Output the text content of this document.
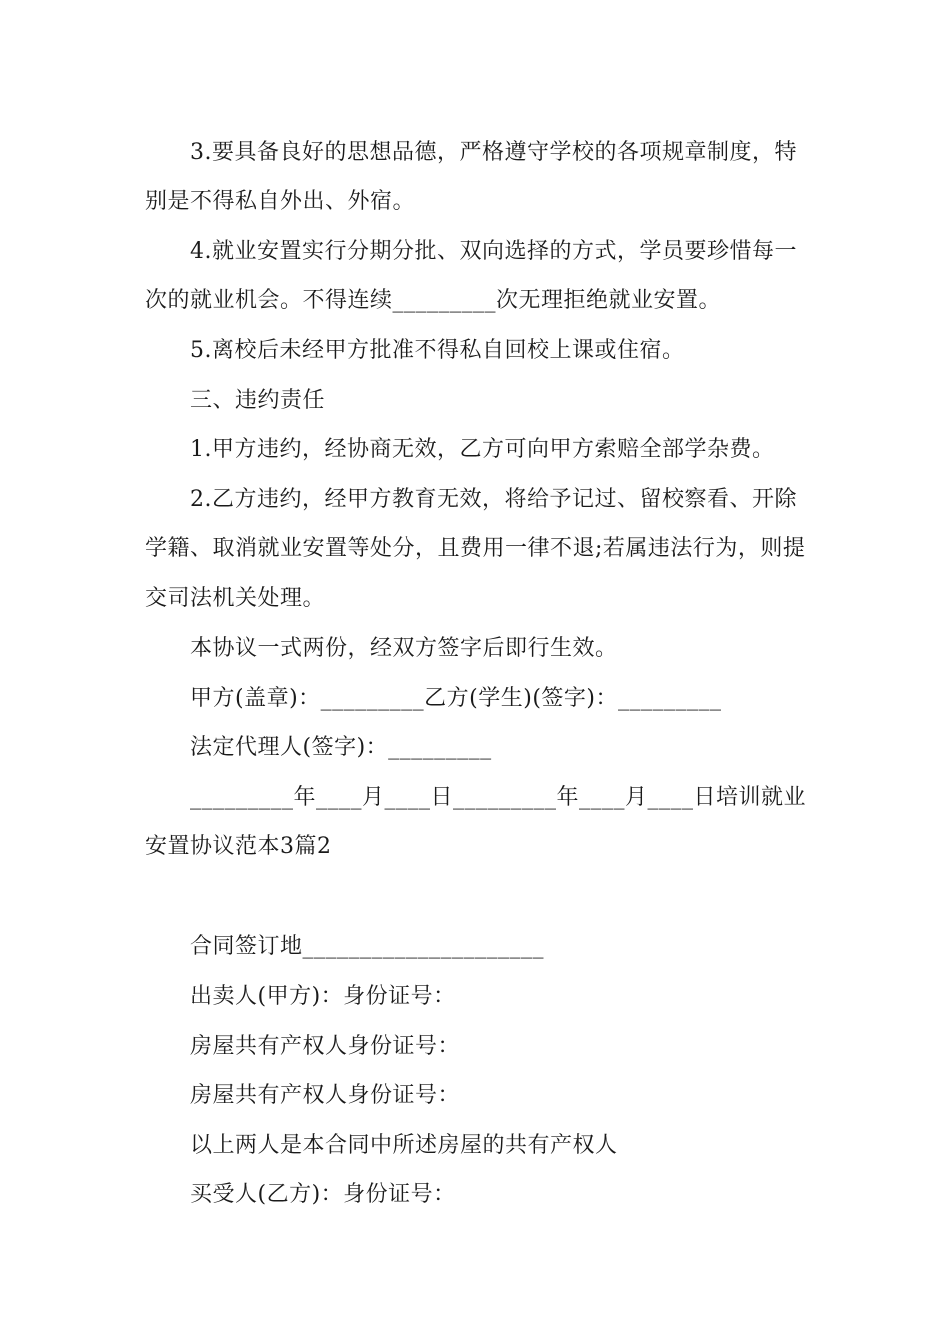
3.要具备良好的思想品德，严格遵守学校的各项规章制度，特
别是不得私自外出、外宿。
4.就业安置实行分期分批、双向选择的方式，学员要珍惜每一
次的就业机会。不得连续_________次无理拒绝就业安置。
5.离校后未经甲方批准不得私自回校上课或住宿。
三、违约责任
1.甲方违约，经协商无效，乙方可向甲方索赔全部学杂费。
2.乙方违约，经甲方教育无效，将给予记过、留校察看、开除
学籍、取消就业安置等处分，且费用一律不退;若属违法行为，则提
交司法机关处理。
本协议一式两份，经双方签字后即行生效。
甲方(盖章)：_________乙方(学生)(签字)：_________
法定代理人(签字)：_________
_________年____月____日_________年____月____日培训就业
安置协议范本3篇2
合同签订地_____________________
出卖人(甲方)：身份证号：
房屋共有产权人身份证号：
房屋共有产权人身份证号：
以上两人是本合同中所述房屋的共有产权人
买受人(乙方)：身份证号：
